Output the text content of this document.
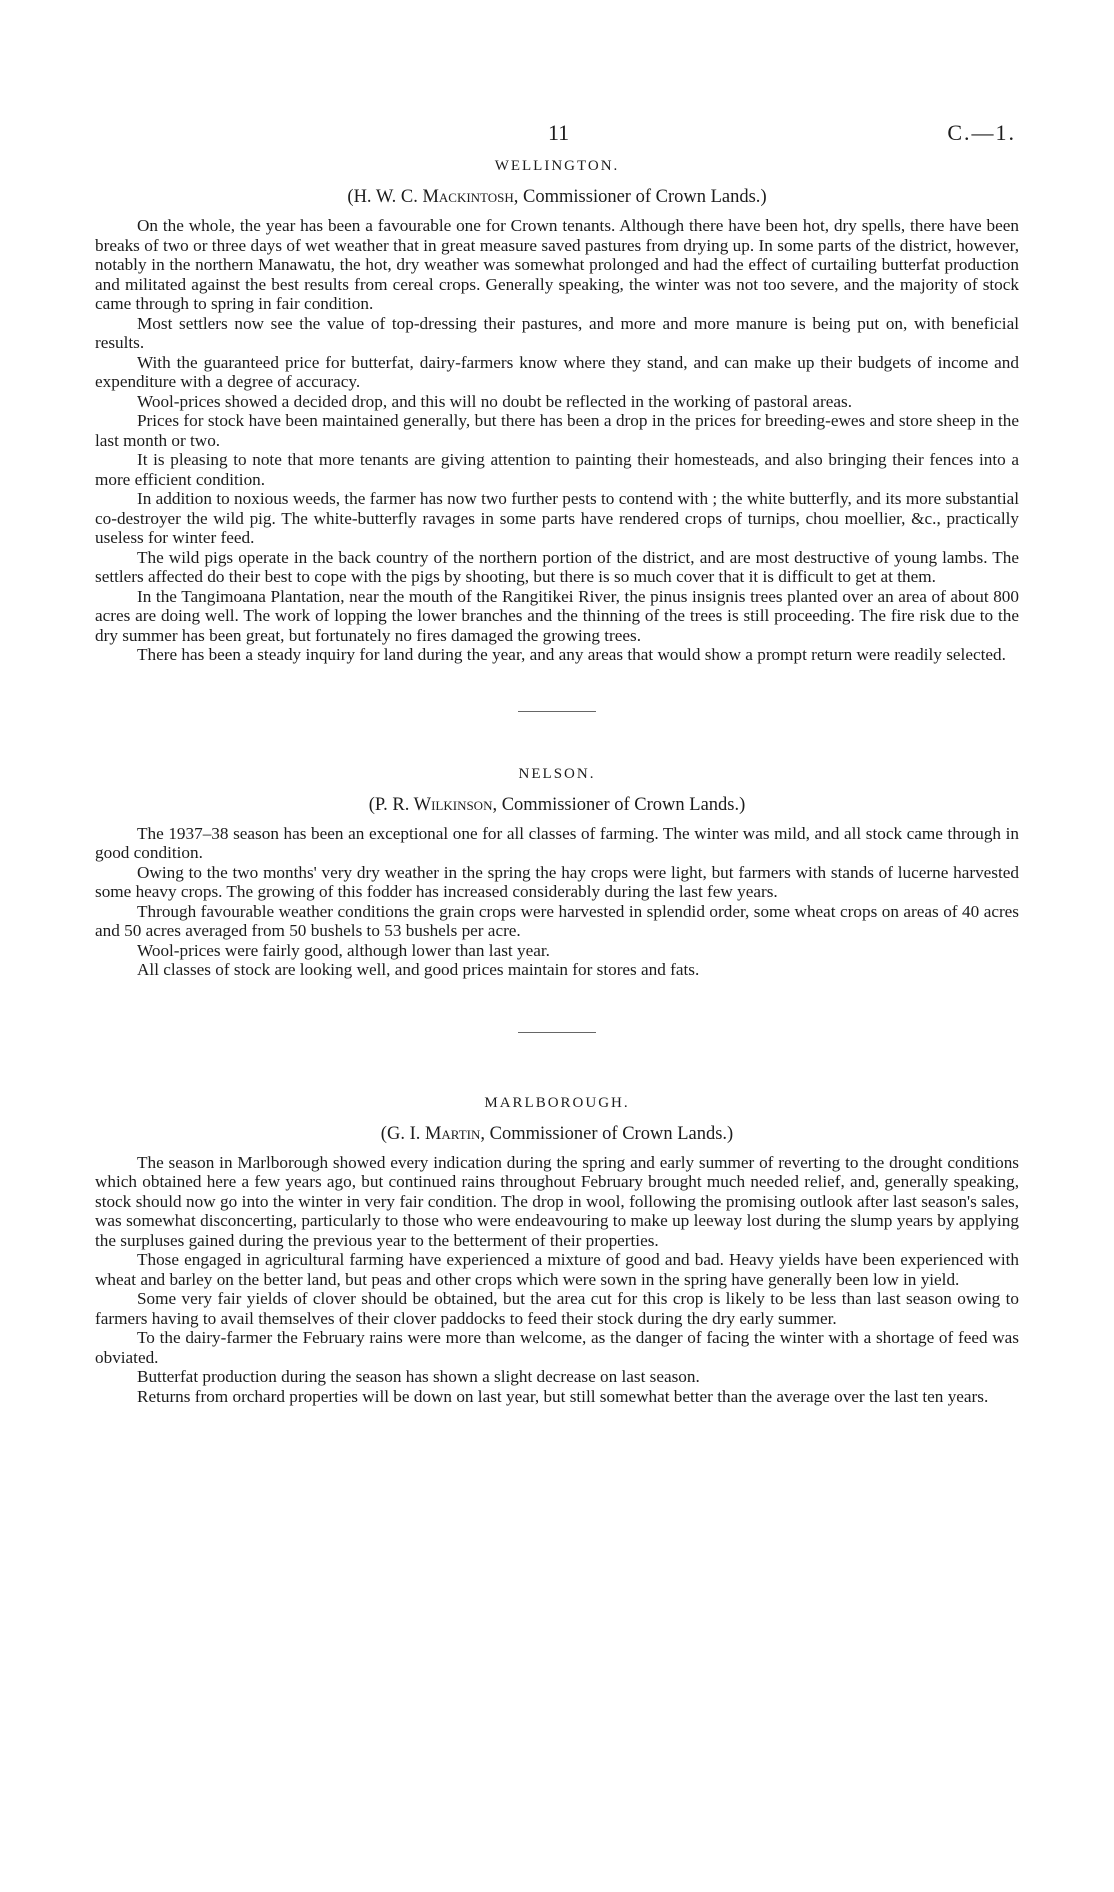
11	C.—1.
WELLINGTON.

(H. W. C. Mackintosh, Commissioner of Crown Lands.)

On the whole, the year has been a favourable one for Crown tenants. Although there have been hot, dry spells, there have been breaks of two or three days of wet weather that in great measure saved pastures from drying up. In some parts of the district, however, notably in the northern Manawatu, the hot, dry weather was somewhat prolonged and had the effect of curtailing butterfat production and militated against the best results from cereal crops. Generally speaking, the winter was not too severe, and the majority of stock came through to spring in fair condition.

Most settlers now see the value of top-dressing their pastures, and more and more manure is being put on, with beneficial results.

With the guaranteed price for butterfat, dairy-farmers know where they stand, and can make up their budgets of income and expenditure with a degree of accuracy.

Wool-prices showed a decided drop, and this will no doubt be reflected in the working of pastoral areas.

Prices for stock have been maintained generally, but there has been a drop in the prices for breeding-ewes and store sheep in the last month or two.

It is pleasing to note that more tenants are giving attention to painting their homesteads, and also bringing their fences into a more efficient condition.

In addition to noxious weeds, the farmer has now two further pests to contend with ; the white butterfly, and its more substantial co-destroyer the wild pig. The white-butterfly ravages in some parts have rendered crops of turnips, chou moellier, &c., practically useless for winter feed.

The wild pigs operate in the back country of the northern portion of the district, and are most destructive of young lambs. The settlers affected do their best to cope with the pigs by shooting, but there is so much cover that it is difficult to get at them.

In the Tangimoana Plantation, near the mouth of the Rangitikei River, the pinus insignis trees planted over an area of about 800 acres are doing well. The work of lopping the lower branches and the thinning of the trees is still proceeding. The fire risk due to the dry summer has been great, but fortunately no fires damaged the growing trees.

There has been a steady inquiry for land during the year, and any areas that would show a prompt return were readily selected.

NELSON.

(P. R. Wilkinson, Commissioner of Crown Lands.)

The 1937–38 season has been an exceptional one for all classes of farming. The winter was mild, and all stock came through in good condition.

Owing to the two months' very dry weather in the spring the hay crops were light, but farmers with stands of lucerne harvested some heavy crops. The growing of this fodder has increased considerably during the last few years.

Through favourable weather conditions the grain crops were harvested in splendid order, some wheat crops on areas of 40 acres and 50 acres averaged from 50 bushels to 53 bushels per acre.

Wool-prices were fairly good, although lower than last year.

All classes of stock are looking well, and good prices maintain for stores and fats.

MARLBOROUGH.

(G. I. Martin, Commissioner of Crown Lands.)

The season in Marlborough showed every indication during the spring and early summer of reverting to the drought conditions which obtained here a few years ago, but continued rains throughout February brought much needed relief, and, generally speaking, stock should now go into the winter in very fair condition. The drop in wool, following the promising outlook after last season's sales, was somewhat disconcerting, particularly to those who were endeavouring to make up leeway lost during the slump years by applying the surpluses gained during the previous year to the betterment of their properties.

Those engaged in agricultural farming have experienced a mixture of good and bad. Heavy yields have been experienced with wheat and barley on the better land, but peas and other crops which were sown in the spring have generally been low in yield.

Some very fair yields of clover should be obtained, but the area cut for this crop is likely to be less than last season owing to farmers having to avail themselves of their clover paddocks to feed their stock during the dry early summer.

To the dairy-farmer the February rains were more than welcome, as the danger of facing the winter with a shortage of feed was obviated.

Butterfat production during the season has shown a slight decrease on last season.

Returns from orchard properties will be down on last year, but still somewhat better than the average over the last ten years.
